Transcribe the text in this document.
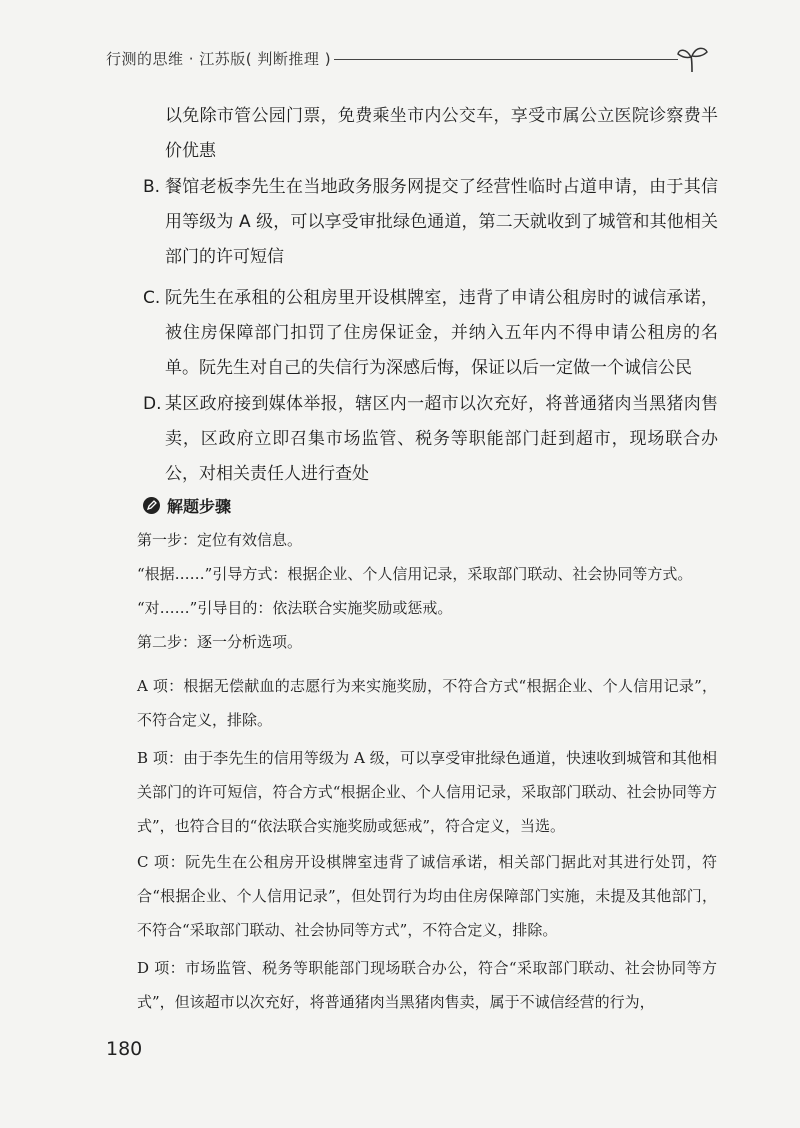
行测的思维 · 江苏版( 判断推理 )
以免除市管公园门票，免费乘坐市内公交车，享受市属公立医院诊察费半价优惠
B. 餐馆老板李先生在当地政务服务网提交了经营性临时占道申请，由于其信用等级为 A 级，可以享受审批绿色通道，第二天就收到了城管和其他相关部门的许可短信
C. 阮先生在承租的公租房里开设棋牌室，违背了申请公租房时的诚信承诺，被住房保障部门扣罚了住房保证金，并纳入五年内不得申请公租房的名单。阮先生对自己的失信行为深感后悔，保证以后一定做一个诚信公民
D. 某区政府接到媒体举报，辖区内一超市以次充好，将普通猪肉当黑猪肉售卖，区政府立即召集市场监管、税务等职能部门赶到超市，现场联合办公，对相关责任人进行查处
解题步骤
第一步：定位有效信息。
“根据……”引导方式：根据企业、个人信用记录，采取部门联动、社会协同等方式。
“对……”引导目的：依法联合实施奖励或惩戒。
第二步：逐一分析选项。
A 项：根据无偿献血的志愿行为来实施奖励，不符合方式“根据企业、个人信用记录”，不符合定义，排除。
B 项：由于李先生的信用等级为 A 级，可以享受审批绿色通道，快速收到城管和其他相关部门的许可短信，符合方式“根据企业、个人信用记录，采取部门联动、社会协同等方式”，也符合目的“依法联合实施奖励或惩戒”，符合定义，当选。
C 项：阮先生在公租房开设棋牌室违背了诚信承诺，相关部门据此对其进行处罚，符合“根据企业、个人信用记录”，但处罚行为均由住房保障部门实施，未提及其他部门，不符合“采取部门联动、社会协同等方式”，不符合定义，排除。
D 项：市场监管、税务等职能部门现场联合办公，符合“采取部门联动、社会协同等方式”，但该超市以次充好，将普通猪肉当黑猪肉售卖，属于不诚信经营的行为，
180
